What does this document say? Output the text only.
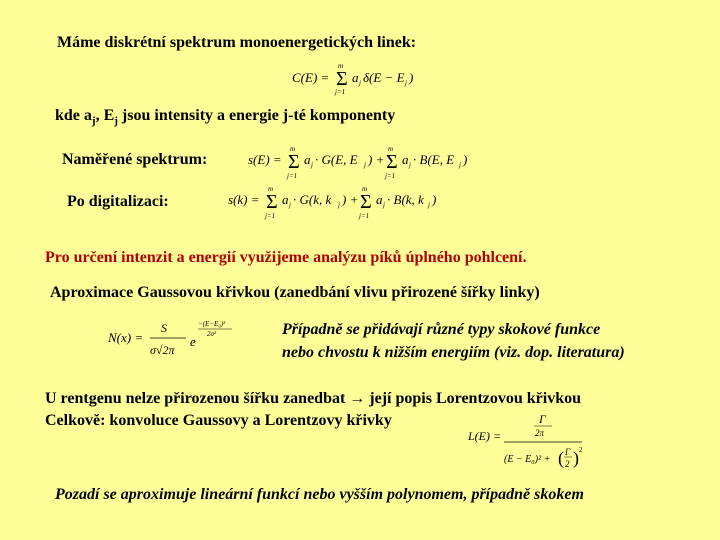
Máme diskrétní spektrum monoenergetických linek:
C(E) = Σ
m
j=1
a j δ(E − E j )
kde $a_j$, $E_j$ jsou intensity a energie j-té komponenty
Naměřené spektrum:	s(E) = Σ
m
j=1
a j · G(E, E j ) + Σ
m
j=1
a j · B(E, E j )
Po digitalizaci:	s(k) = Σ
m
j=1
a j · G(k, k j ) + Σ
m
j=1
a j · B(k, k j )
Pro určení intenzit a energií využijeme analýzu píků úplného pohlcení.
Aproximace Gaussovou křivkou (zanedbání vlivu přirozené šířky linky)
N(x) =
S
σ√2π
e
−(E−E₀)²
2σ²	Případně se přidávají různé typy skokové funkce
nebo chvostu k nižším energiím (viz. dop. literatura)
U rentgenu nelze přirozenou šířku zanedbat → její popis Lorentzovou křivkou
Celkově: konvoluce Gaussovy a Lorentzovy křivky
L(E) =
Γ
2π
(E − E₀)² + ( Γ
2 ) 2
Pozadí se aproximuje lineární funkcí nebo vyšším polynomem, případně skokem
